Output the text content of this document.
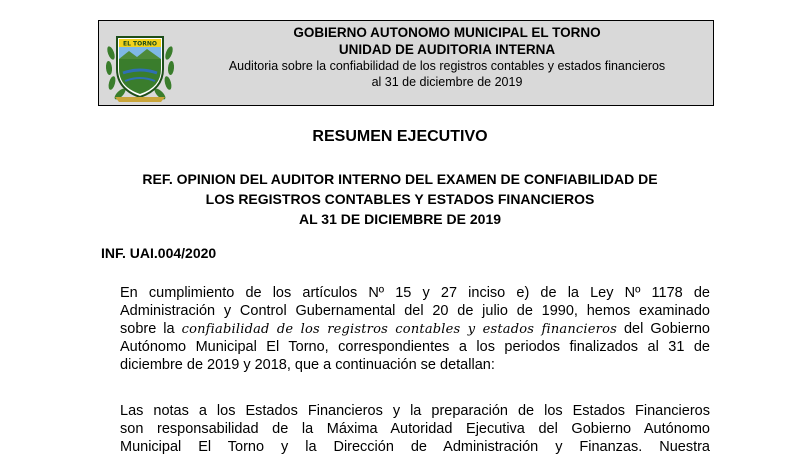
EL TORNO
GOBIERNO AUTONOMO MUNICIPAL EL TORNO
UNIDAD DE AUDITORIA INTERNA
Auditoria sobre la confiabilidad de los registros contables y estados financieros
al 31 de diciembre de 2019
RESUMEN EJECUTIVO
REF. OPINION DEL AUDITOR INTERNO DEL EXAMEN DE CONFIABILIDAD DE
LOS REGISTROS CONTABLES Y ESTADOS FINANCIEROS
AL 31 DE DICIEMBRE DE 2019
INF. UAI.004/2020
En cumplimiento de los artículos Nº 15 y 27 inciso e) de la Ley Nº 1178 de
Administración y Control Gubernamental del 20 de julio de 1990, hemos examinado
sobre la confiabilidad de los registros contables y estados financieros del Gobierno
Autónomo Municipal El Torno, correspondientes a los periodos finalizados al 31 de
diciembre de 2019 y 2018, que a continuación se detallan:
Las notas a los Estados Financieros y la preparación de los Estados Financieros
son responsabilidad de la Máxima Autoridad Ejecutiva del Gobierno Autónomo
Municipal El Torno y la Dirección de Administración y Finanzas. Nuestra
